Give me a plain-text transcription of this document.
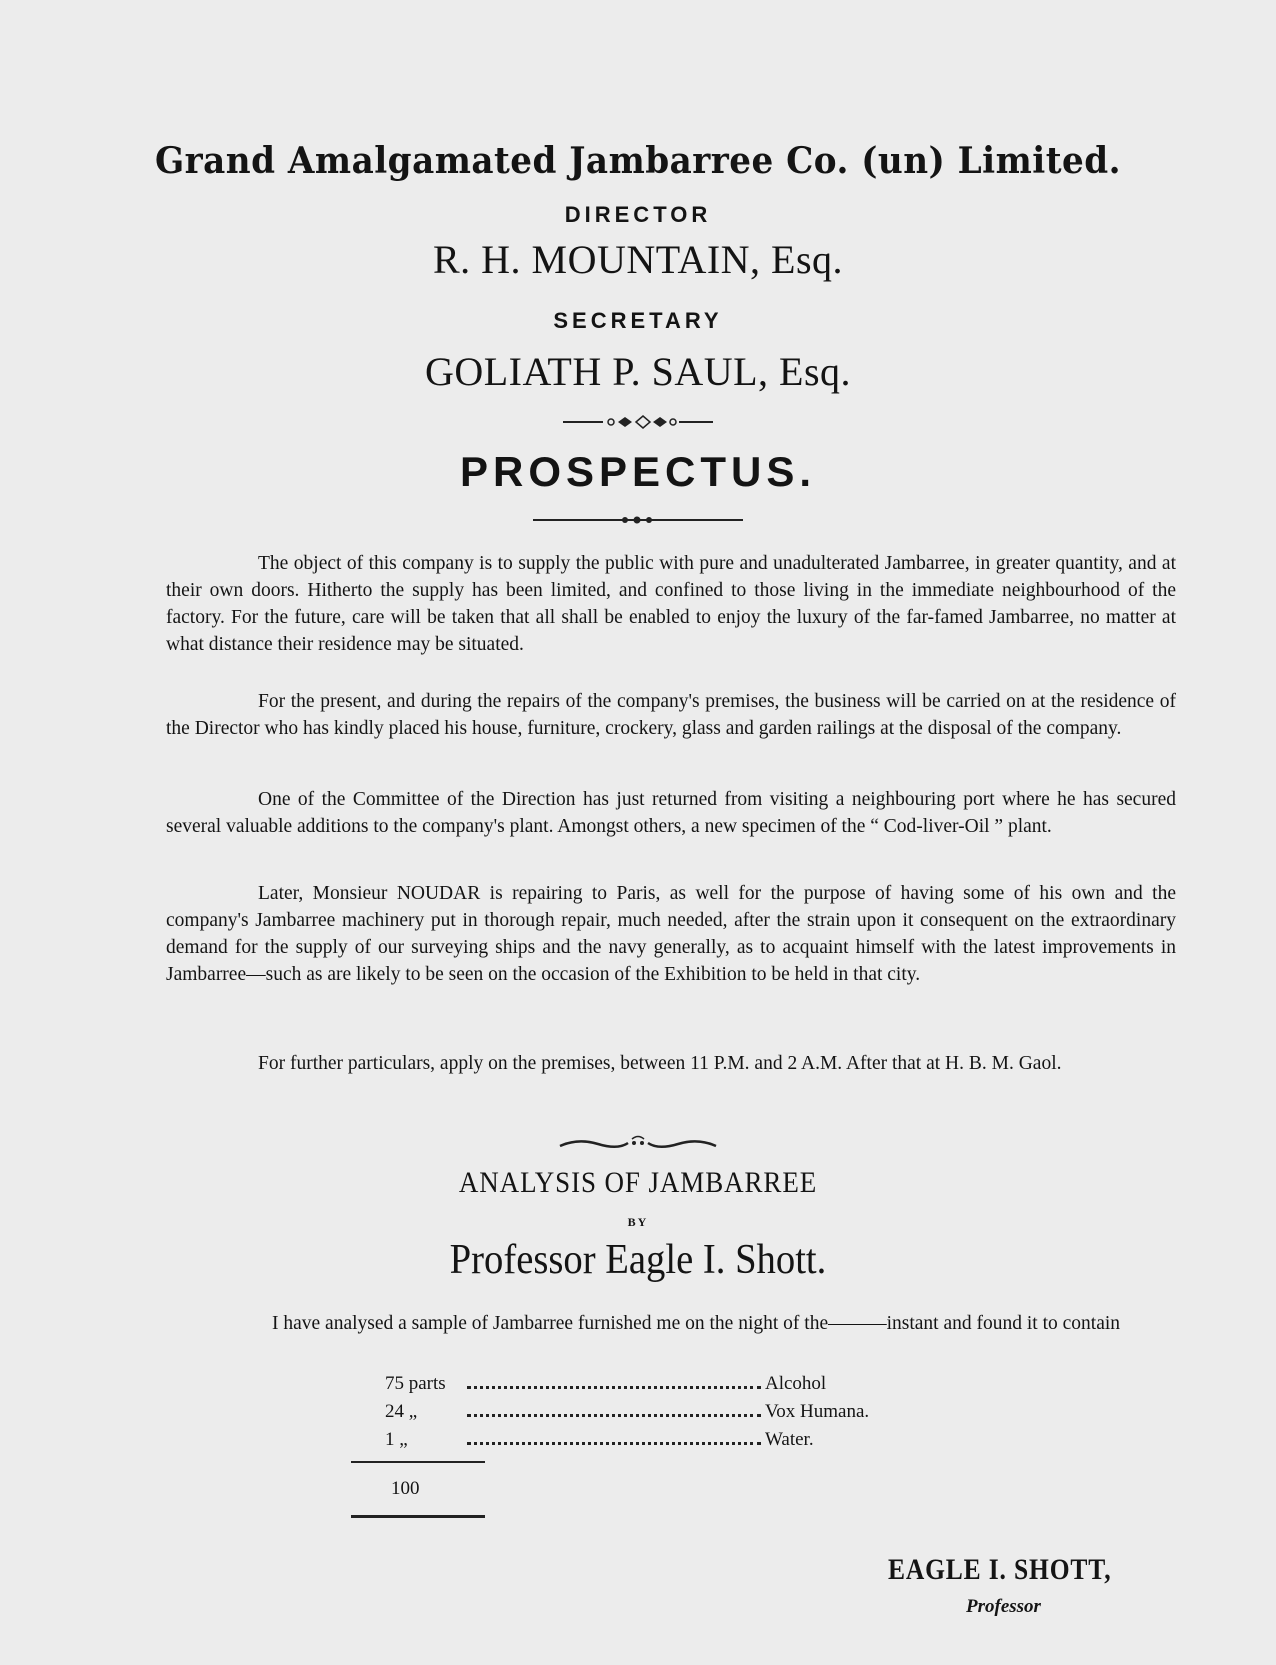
Grand Amalgamated Jambarree Co. (un) Limited.
DIRECTOR
R. H. MOUNTAIN, Esq.
SECRETARY
GOLIATH P. SAUL, Esq.
PROSPECTUS.

The object of this company is to supply the public with pure and unadulterated Jambarree, in greater quantity, and at their own doors. Hitherto the supply has been limited, and confined to those living in the immediate neighbourhood of the factory. For the future, care will be taken that all shall be enabled to enjoy the luxury of the far-famed Jambarree, no matter at what distance their residence may be situated.

For the present, and during the repairs of the company's premises, the business will be carried on at the residence of the Director who has kindly placed his house, furniture, crockery, glass and garden railings at the disposal of the company.

One of the Committee of the Direction has just returned from visiting a neighbouring port where he has secured several valuable additions to the company's plant. Amongst others, a new specimen of the “ Cod-liver-Oil ” plant.

Later, Monsieur NOUDAR is repairing to Paris, as well for the purpose of having some of his own and the company's Jambarree machinery put in thorough repair, much needed, after the strain upon it consequent on the extraordinary demand for the supply of our surveying ships and the navy generally, as to acquaint himself with the latest improvements in Jambarree—such as are likely to be seen on the occasion of the Exhibition to be held in that city.

For further particulars, apply on the premises, between 11 P.M. and 2 A.M. After that at H. B. M. Gaol.

ANALYSIS OF JAMBARREE
BY
Professor Eagle I. Shott.

I have analysed a sample of Jambarree furnished me on the night of the———instant and found it to contain

75 parts	Alcohol
24 „	Vox Humana.
1 „	Water.
100
EAGLE I. SHOTT,
Professor
